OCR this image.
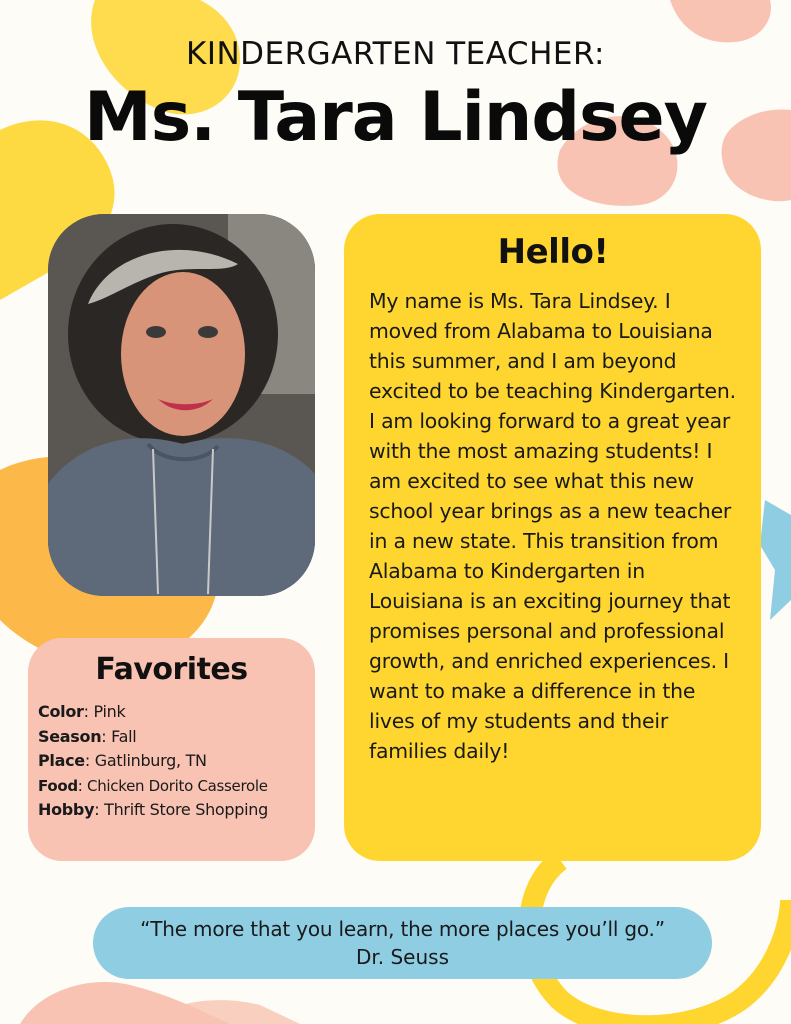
KINDERGARTEN TEACHER:
Ms. Tara Lindsey
Hello!
My name is Ms. Tara Lindsey. I moved from Alabama to Louisiana this summer, and I am beyond excited to be teaching Kindergarten. I am looking forward to a great year with the most amazing students! I am excited to see what this new school year brings as a new teacher in a new state. This transition from Alabama to Kindergarten in Louisiana is an exciting journey that promises personal and professional growth, and enriched experiences. I want to make a difference in the lives of my students and their families daily!
Favorites
Color: Pink
Season: Fall
Place: Gatlinburg, TN
Food: Chicken Dorito Casserole
Hobby: Thrift Store Shopping
“The more that you learn, the more places you’ll go.”
Dr. Seuss
